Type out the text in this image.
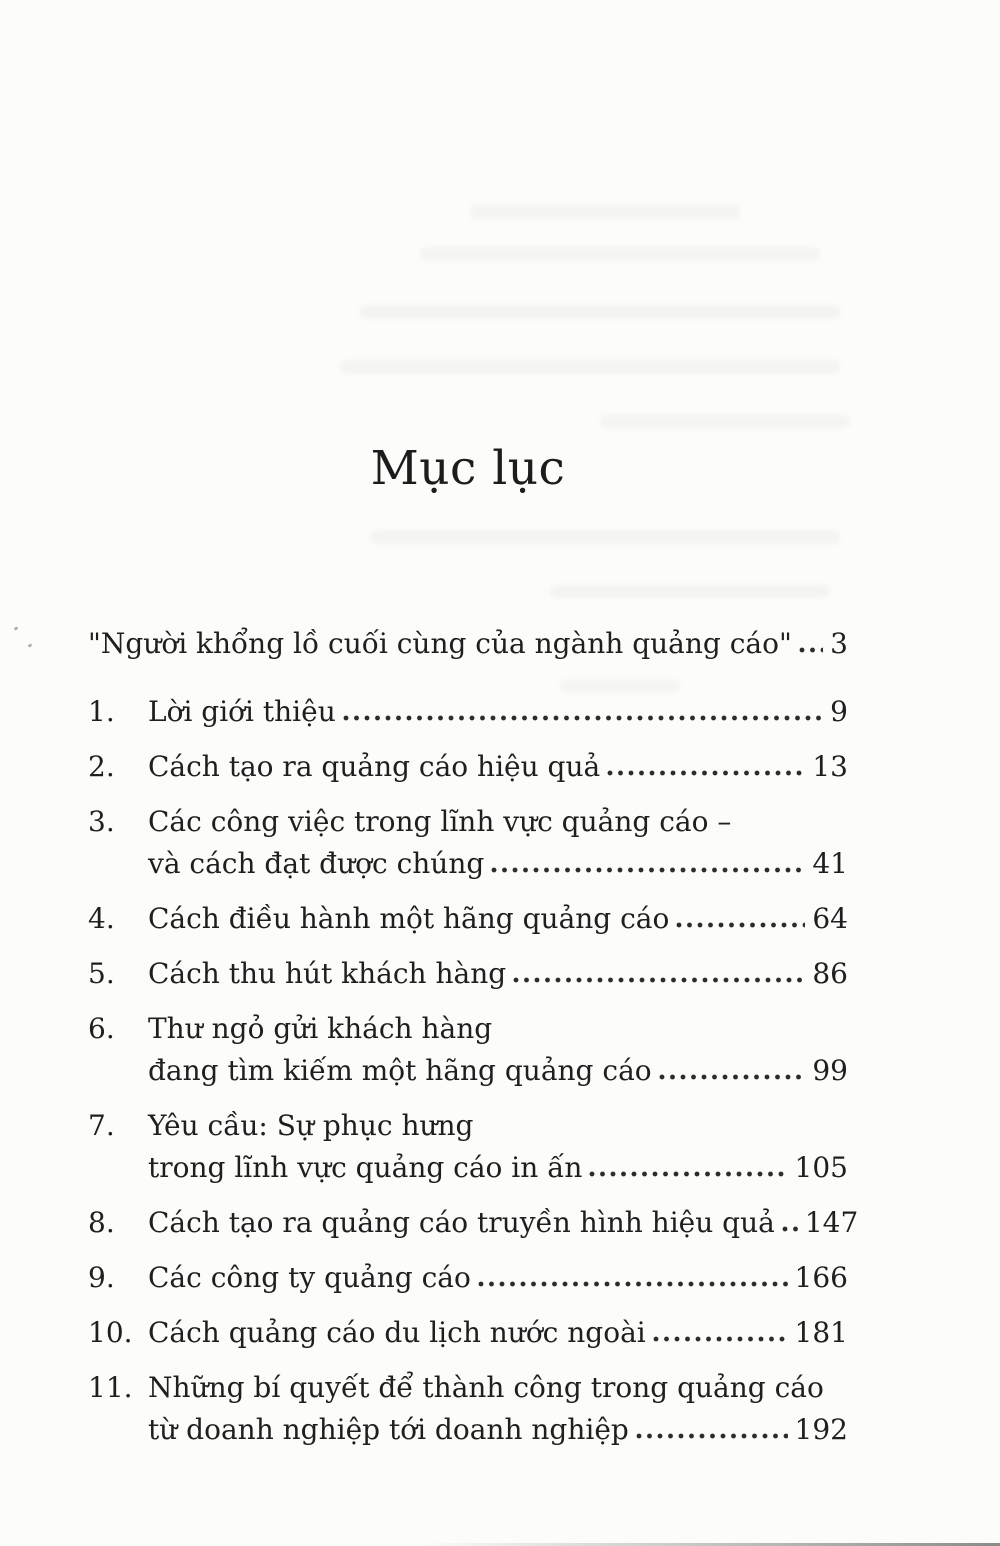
Mục lục
"Người khổng lồ cuối cùng của ngành quảng cáo" 3
1.	Lời giới thiệu	9
2.	Cách tạo ra quảng cáo hiệu quả	13
3.	Các công việc trong lĩnh vực quảng cáo –
và cách đạt được chúng	41
4.	Cách điều hành một hãng quảng cáo	64
5.	Cách thu hút khách hàng	86
6.	Thư ngỏ gửi khách hàng
đang tìm kiếm một hãng quảng cáo	99
7.	Yêu cầu: Sự phục hưng
trong lĩnh vực quảng cáo in ấn	105
8.	Cách tạo ra quảng cáo truyền hình hiệu quả 147
9.	Các công ty quảng cáo	166
10. Cách quảng cáo du lịch nước ngoài	181
11. Những bí quyết để thành công trong quảng cáo
từ doanh nghiệp tới doanh nghiệp	192
